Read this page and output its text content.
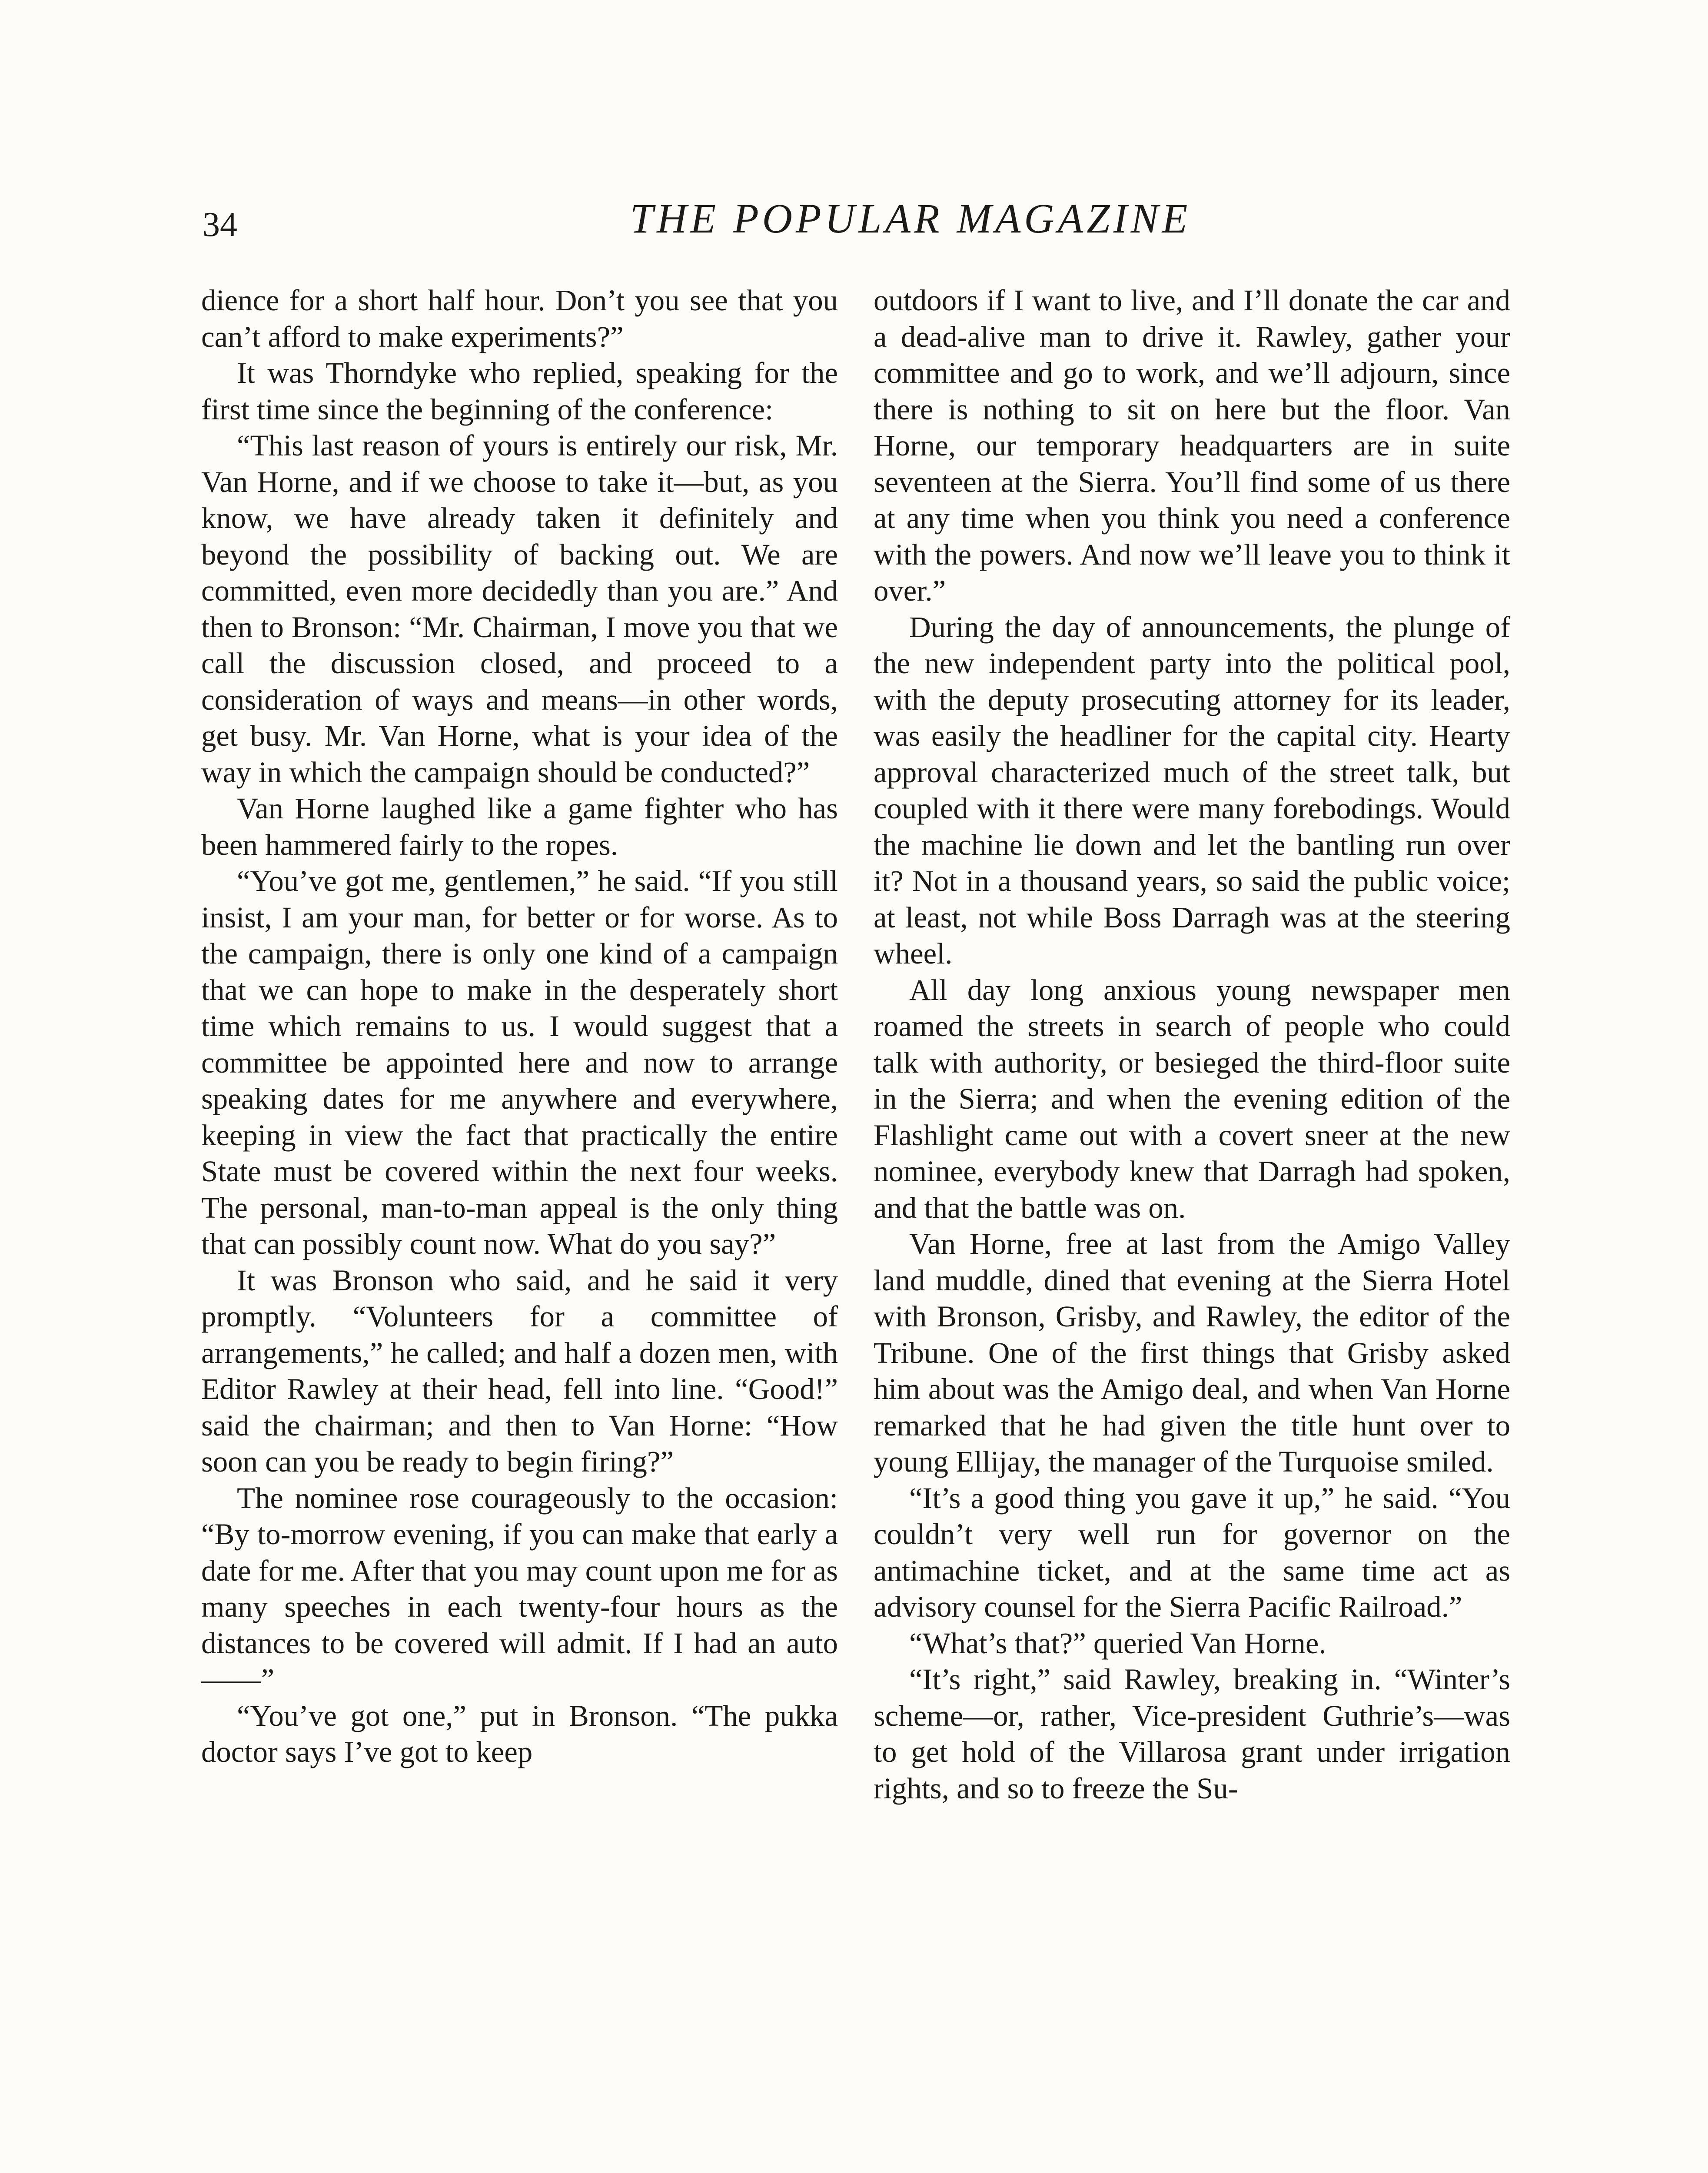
34	THE POPULAR MAGAZINE

dience for a short half hour. Don’t you see that you can’t afford to make experiments?”

It was Thorndyke who replied, speaking for the first time since the beginning of the conference:

“This last reason of yours is entirely our risk, Mr. Van Horne, and if we choose to take it—but, as you know, we have already taken it definitely and beyond the possibility of backing out. We are committed, even more decidedly than you are.” And then to Bronson: “Mr. Chairman, I move you that we call the discussion closed, and proceed to a consideration of ways and means—in other words, get busy. Mr. Van Horne, what is your idea of the way in which the campaign should be conducted?”

Van Horne laughed like a game fighter who has been hammered fairly to the ropes.

“You’ve got me, gentlemen,” he said. “If you still insist, I am your man, for better or for worse. As to the campaign, there is only one kind of a campaign that we can hope to make in the desperately short time which remains to us. I would suggest that a committee be appointed here and now to arrange speaking dates for me anywhere and everywhere, keeping in view the fact that practically the entire State must be covered within the next four weeks. The personal, man-to-man appeal is the only thing that can possibly count now. What do you say?”

It was Bronson who said, and he said it very promptly. “Volunteers for a committee of arrangements,” he called; and half a dozen men, with Editor Rawley at their head, fell into line. “Good!” said the chairman; and then to Van Horne: “How soon can you be ready to begin firing?”

The nominee rose courageously to the occasion: “By to-morrow evening, if you can make that early a date for me. After that you may count upon me for as many speeches in each twenty-four hours as the distances to be covered will admit. If I had an auto——”

“You’ve got one,” put in Bronson. “The pukka doctor says I’ve got to keep

outdoors if I want to live, and I’ll donate the car and a dead-alive man to drive it. Rawley, gather your committee and go to work, and we’ll adjourn, since there is nothing to sit on here but the floor. Van Horne, our temporary headquarters are in suite seventeen at the Sierra. You’ll find some of us there at any time when you think you need a conference with the powers. And now we’ll leave you to think it over.”

During the day of announcements, the plunge of the new independent party into the political pool, with the deputy prosecuting attorney for its leader, was easily the headliner for the capital city. Hearty approval characterized much of the street talk, but coupled with it there were many forebodings. Would the machine lie down and let the bantling run over it? Not in a thousand years, so said the public voice; at least, not while Boss Darragh was at the steering wheel.

All day long anxious young newspaper men roamed the streets in search of people who could talk with authority, or besieged the third-floor suite in the Sierra; and when the evening edition of the Flashlight came out with a covert sneer at the new nominee, everybody knew that Darragh had spoken, and that the battle was on.

Van Horne, free at last from the Amigo Valley land muddle, dined that evening at the Sierra Hotel with Bronson, Grisby, and Rawley, the editor of the Tribune. One of the first things that Grisby asked him about was the Amigo deal, and when Van Horne remarked that he had given the title hunt over to young Ellijay, the manager of the Turquoise smiled.

“It’s a good thing you gave it up,” he said. “You couldn’t very well run for governor on the antimachine ticket, and at the same time act as advisory counsel for the Sierra Pacific Railroad.”

“What’s that?” queried Van Horne.

“It’s right,” said Rawley, breaking in. “Winter’s scheme—or, rather, Vice-president Guthrie’s—was to get hold of the Villarosa grant under irrigation rights, and so to freeze the Su-
